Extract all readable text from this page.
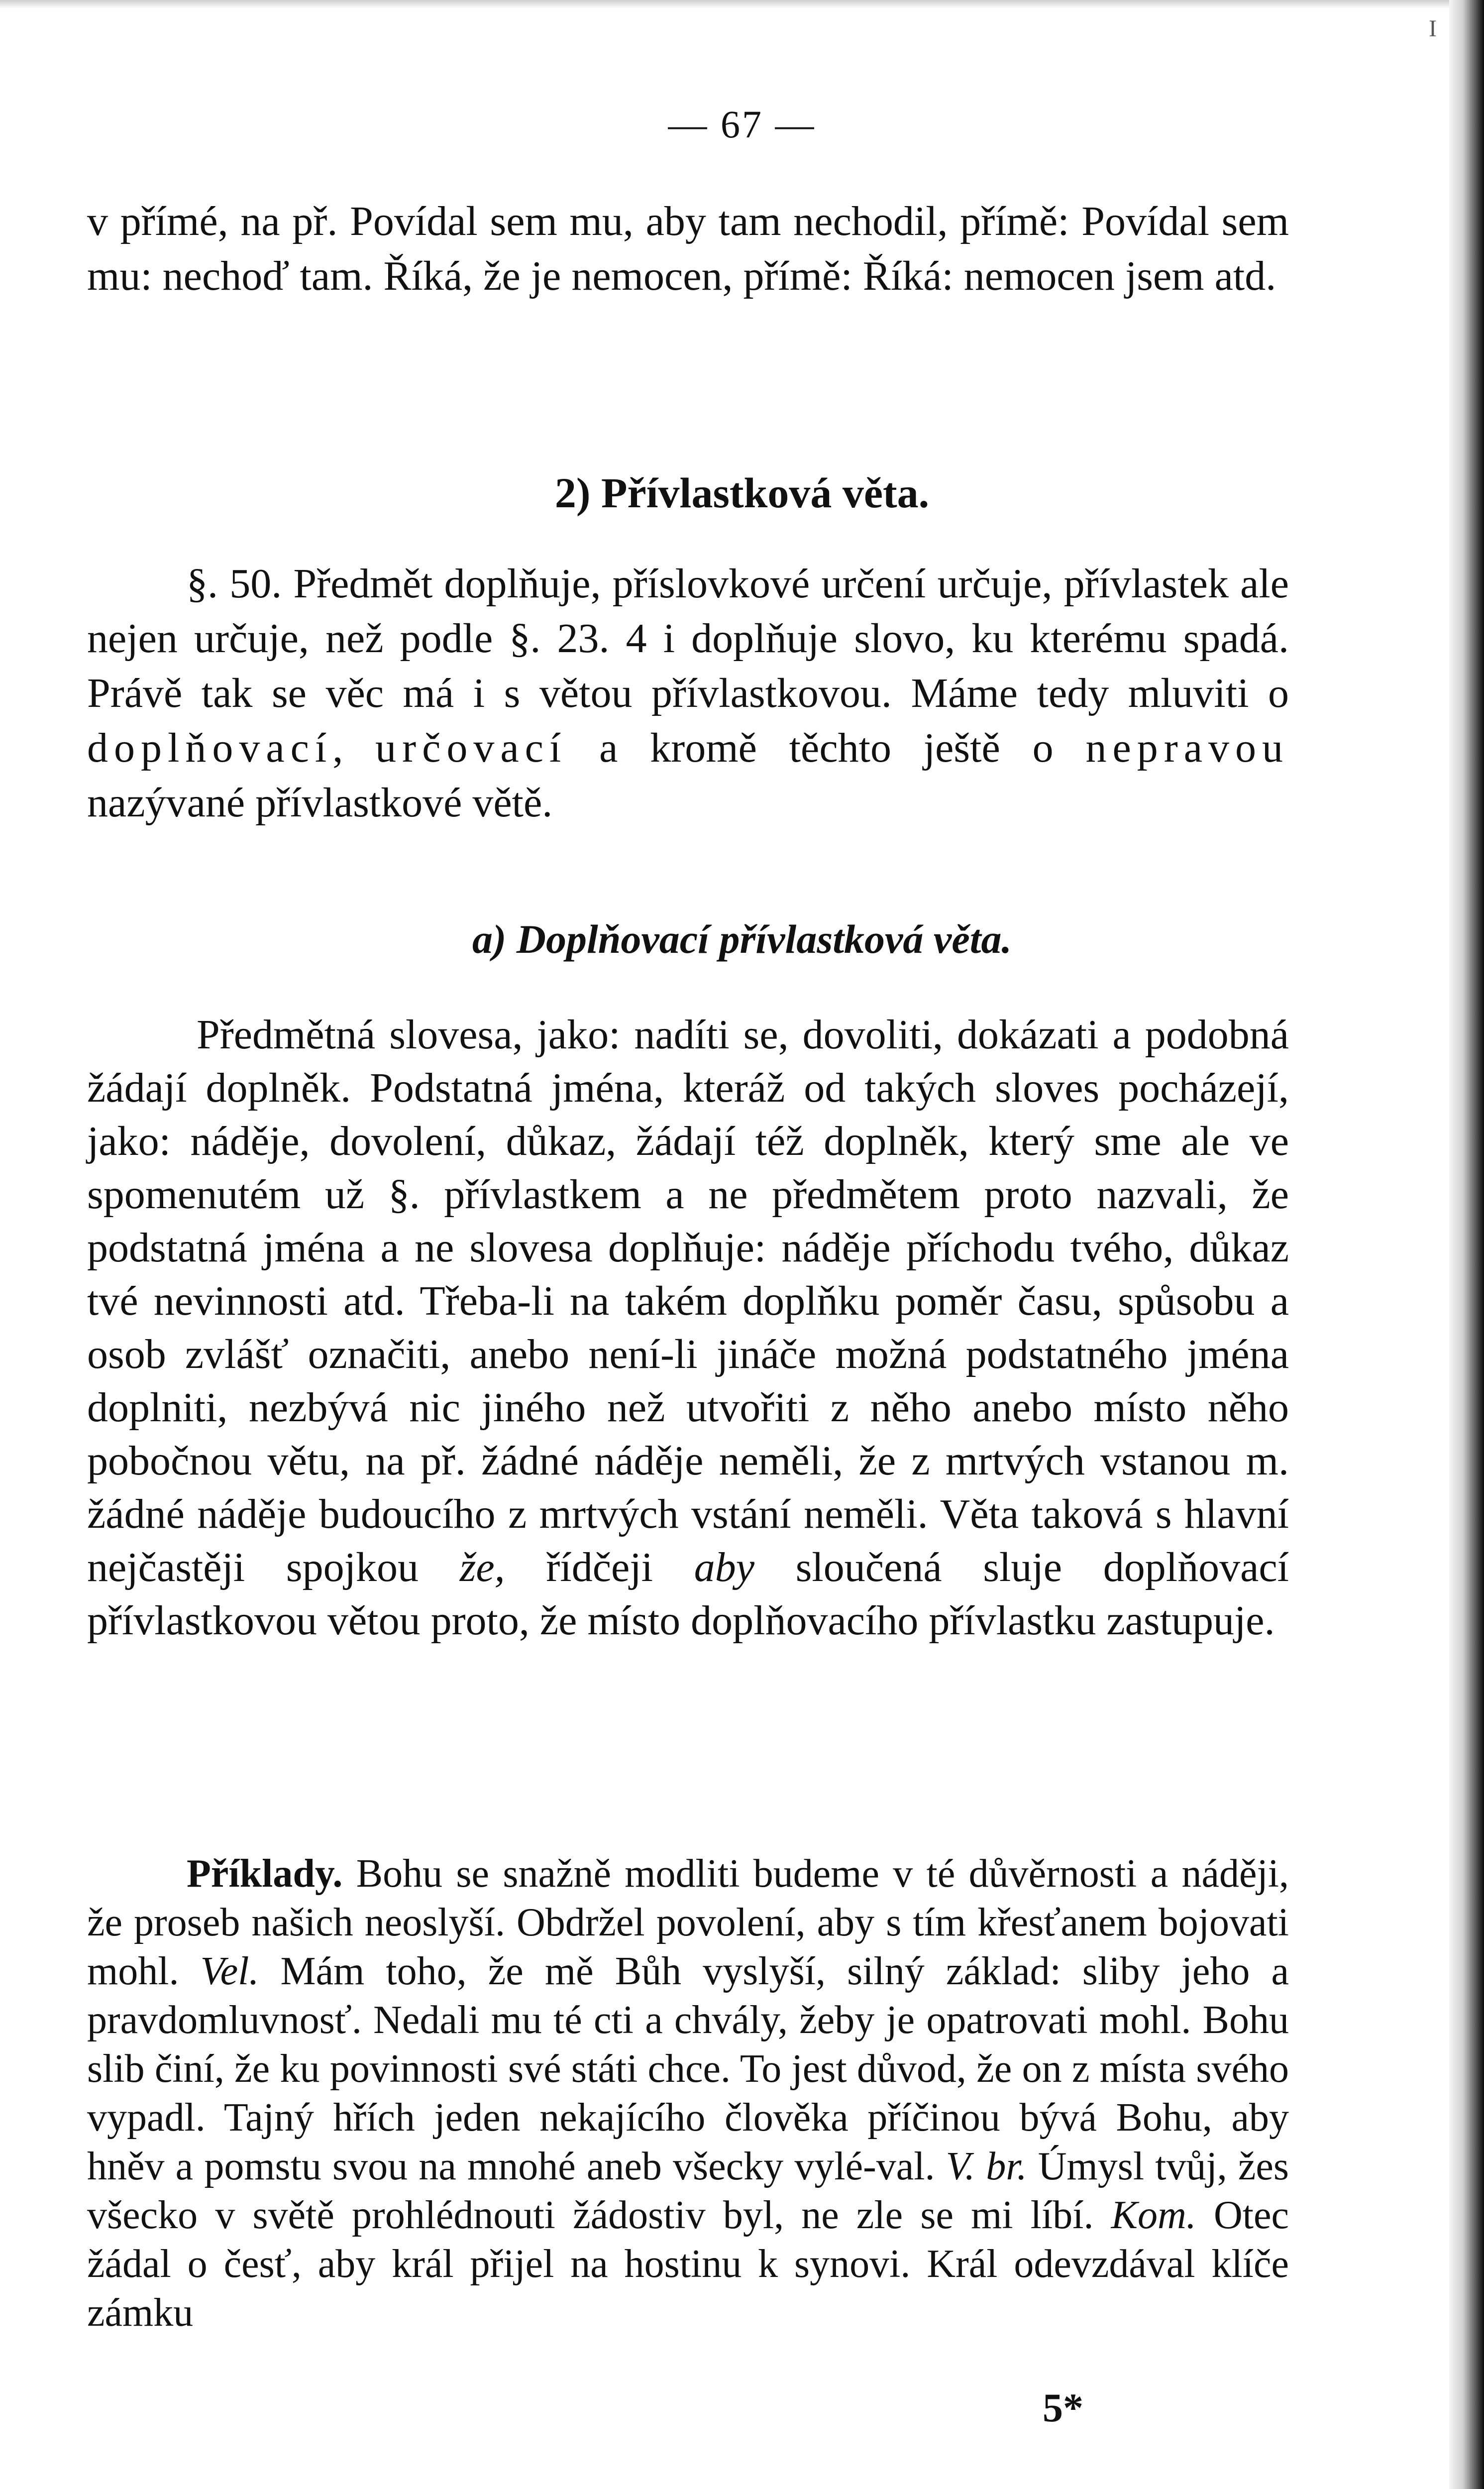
I
— 67 —

v přímé, na př. Povídal sem mu, aby tam nechodil, přímě: Povídal sem mu: nechoď tam. Říká, že je nemocen, přímě: Říká: nemocen jsem atd.

2) Přívlastková věta.

§. 50. Předmět doplňuje, příslovkové určení určuje, přívlastek ale nejen určuje, než podle §. 23. 4 i doplňuje slovo, ku kterému spadá. Právě tak se věc má i s větou přívlastkovou. Máme tedy mluviti o doplňovací, určovací a kromě těchto ještě o nepravou nazývané přívlastkové větě.

a) Doplňovací přívlastková věta.

Předmětná slovesa, jako: nadíti se, dovoliti, dokázati a podobná žádají doplněk. Podstatná jména, kteráž od takých sloves pocházejí, jako: náděje, dovolení, důkaz, žádají též doplněk, který sme ale ve spomenutém už §. přívlastkem a ne předmětem proto nazvali, že podstatná jména a ne slovesa doplňuje: náděje příchodu tvého, důkaz tvé nevinnosti atd. Třeba-li na takém doplňku poměr času, spůsobu a osob zvlášť označiti, anebo není-li jináče možná podstatného jména doplniti, nezbývá nic jiného než utvořiti z něho anebo místo něho pobočnou větu, na př. žádné náděje neměli, že z mrtvých vstanou m. žádné náděje budoucího z mrtvých vstání neměli. Věta taková s hlavní nejčastěji spojkou že, řídčeji aby sloučená sluje doplňovací přívlastkovou větou proto, že místo doplňovacího přívlastku zastupuje.

Příklady. Bohu se snažně modliti budeme v té důvěrnosti a náději, že proseb našich neoslyší. Obdržel povolení, aby s tím křesťanem bojovati mohl. Vel. Mám toho, že mě Bůh vyslyší, silný základ: sliby jeho a pravdomluvnosť. Nedali mu té cti a chvály, žeby je opatrovati mohl. Bohu slib činí, že ku povinnosti své státi chce. To jest důvod, že on z místa svého vypadl. Tajný hřích jeden nekajícího člověka příčinou bývá Bohu, aby hněv a pomstu svou na mnohé aneb všecky vylé-val. V. br. Úmysl tvůj, žes všecko v světě prohlédnouti žádostiv byl, ne zle se mi líbí. Kom. Otec žádal o česť, aby král přijel na hostinu k synovi. Král odevzdával klíče zámku

5*
